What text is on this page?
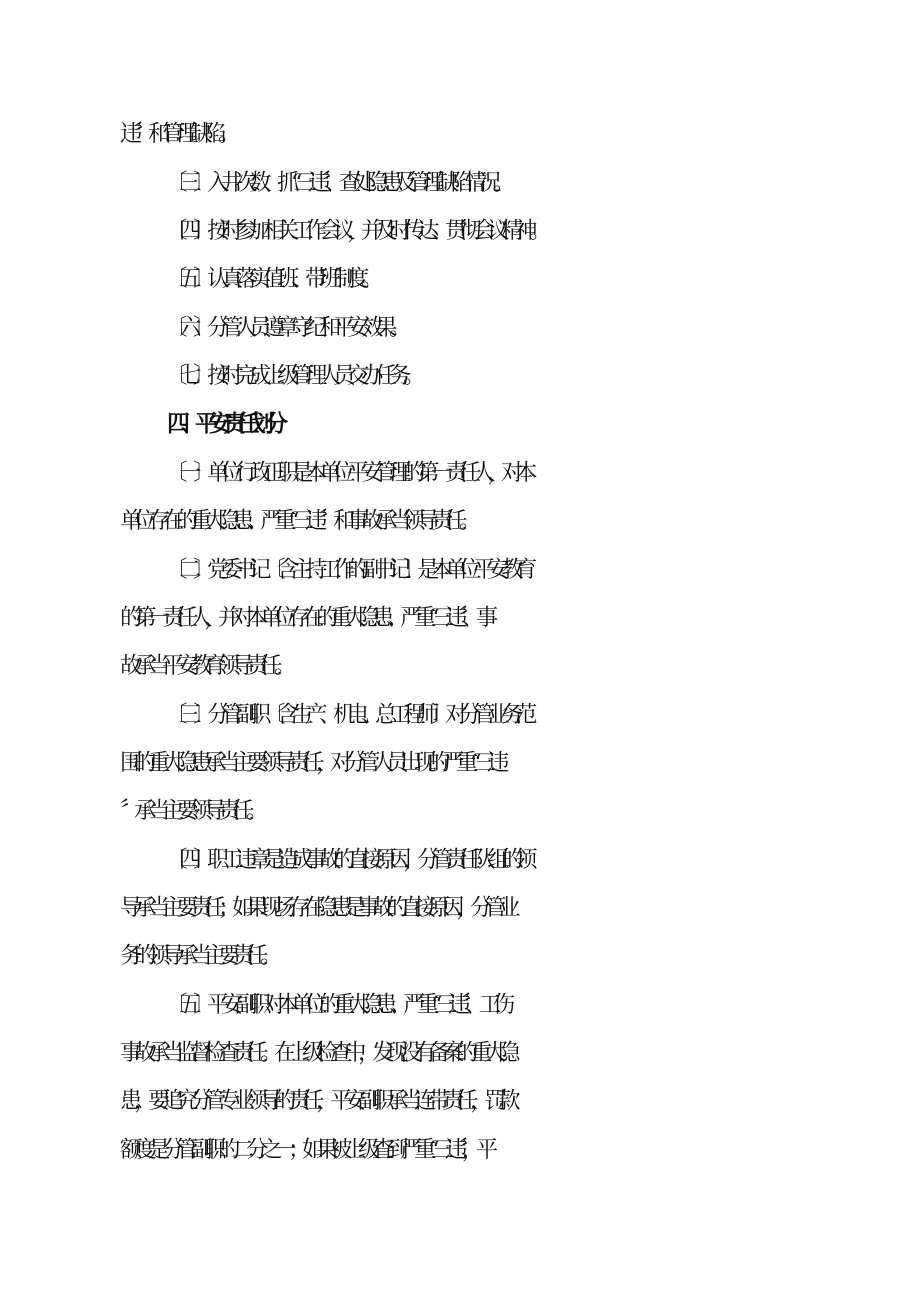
违〞和管理缺陷。
〔三〕入井次数、抓“三违〞、查处隐患及管理缺陷情况。
〔四〕按时参加相关工作会议，并及时传达、贯彻会议精神。
〔五〕认真落实值班、带班制度。
〔六〕分管人员遵章守纪和平安效果。
〔七〕按时完成上级管理人员交办任务。
四、平安责任划分
〔一〕单位行政正职是本单位平安管理的第一责任人，对本
单位存在的重大隐患、严重“三违〞和事故承当领导责任。
〔二〕党委书记〔含主持工作的副书记〕是本单位平安教育
的第一责任人，并对本单位存在的重大隐患、严重“三违〞、事
故承当平安教育领导责任。
〔三〕分管副职〔含生产、机电、总工程师〕对分管业务范
围的重大隐患承当主要领导责任，对分管人员出现的严重“三违
〞承当主要领导责任。
〔四〕职工违章是造成事故的直接原因，分管责任队组的领
导承当主要责任；如果现场存在隐患是事故的直接原因，分管业
务的领导承当主要责任。
〔五〕平安副职对本单位的重大隐患、严重“三违〞、工伤
事故承当监督检查责任。在上级检查中，发现没有备案的重大隐
患，要追究分管专业领导的责任，平安副职承当连带责任，罚款
额度是分管副职的二分之一；如果被上级查到严重“三违〞，平
